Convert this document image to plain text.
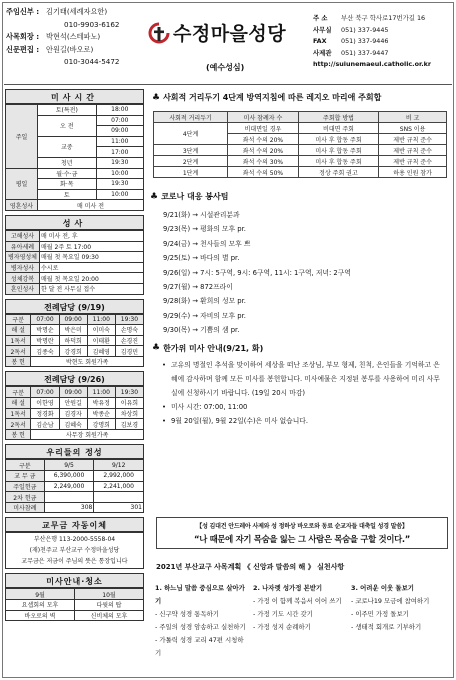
주임신부 : 김기태(세례자요한)
010-9903-6162
사목회장 : 박현석(스테파노)
신문편집 : 안원길(바오로)
010-3044-5472
수정마을성당
(예수성심)
주 소	부산 북구 학사로17번가길 16
사무실	051) 337-9445
FAX	051) 337-9446
사제관	051) 337-9447
http://suiunemaeul.catholic.or.kr
미사시간
주일	토(특전)	18:00
	오 전	07:00
		09:00
	교중	11:00
		17:00
	청년	19:30
평일	월·수·금	10:00
	화·목	19:30
	토	10:00
영혼성사	매 미사 전	
성사
고해성사	매 미사 전, 후
유아세례	매월 2주 토 17:00
병자영성체	매월 첫 목요일 09:30
병자성사	수시로
성체강복	매월 첫 목요일 20:00
혼인성사	한 달 전 사무실 접수
전례담당 (9/19)
구분	07:00	09:00	11:00	19:30
해 설	박명순	박은미	이미숙	손명숙
1독서	박명란	하덕희	이태환	손경진
2독서	김종숙	강경희	김혜영	김경민
봉 헌	박현도 회원가족			
전례담당 (9/26)
구분	07:00	09:00	11:00	19:30
해 설	이한영	안원길	박유정	이유희
1독서	정경화	김경자	박종순	차상희
2독서	김순남	김혜숙	강명희	김보경
봉 헌	사무장 회원가족			
우리들의 정성
구분	9/5	9/12
교 무 금	6,390,000	2,992,000
주일헌금	2,249,000	2,241,000
2차 헌금		
미사참례	308	301
교무금 자동이체
부산은행 113-2000-5558-04
(재)천주교 부산교구 수정마을성당
교무금은 저금이 주님의 뜻은 통장입니다
미사안내·청소
9월	10월
요셉회의 모후	다윗의 탑
바오로의 벽	신비체의 모후
♣ 사회적 거리두기 4단계 방역지침에 따른 레지오 마리애 주회합
사회적 거리두기	미사 참례자 수	주회합 방법	비 고
4단계	비대면일 경우	비대면 주회	SNS 이용
	좌석 수의 20%	미사 후 합동 주회	제반 규칙 준수
3단계	좌석 수의 20%	미사 후 합동 주회	제반 규칙 준수
2단계	좌석 수의 30%	미사 후 합동 주회	제반 규칙 준수
1단계	좌석 수의 50%	정상 주회 권고	하용 인원 참가
♣ 코로나 대응 봉사팀
9/21(화) → 시설관리분과
9/23(목) → 평화의 모후 pr.
9/24(금) → 천사들의 모후 쁘
9/25(토) → 바다의 별 pr.
9/26(일) → 7시: 5구역, 9시: 6구역, 11시: 1구역, 저녁: 2구역
9/27(월) → 872프라이
9/28(화) → 환희의 성모 pr.
9/29(수) → 자비의 모후 pr.
9/30(목) → 기쁨의 샘 pr.
♣ 한가위 미사 안내(9/21, 화)
• 고유의 명절인 추석을 맞이하여 세상을 떠난 조상님, 부모 형제, 친척, 은인들을 기억하고 은혜에 감사하며 함께 모든 미사를 봉헌합니다. 미사예물은 지정된 봉투를 사용하여 미리 사무실에 신청하시기 바랍니다. (19일 20시 마감)
• 미사 시간: 07:00, 11:00
• 9월 20일(월), 9월 22일(수)은 미사 없습니다.
【성 김대건 안드레아 사제와 성 정하상 바오로와 동료 순교자들 대축일 성경 말씀】
“나 때문에 자기 목숨을 잃는 그 사람은 목숨을 구할 것이다.”
2021년 부산교구 사목계획 《 신앙과 말씀의 해 》 실천사항
1. 하느님 말씀 중심으로 살아가기
- 신구약 성경 통독하기
- 주일의 성경 암송하고 실천하기
- 가톨릭 성경 교리 47편 시청하기
2. 나자렛 성가정 본받기
- 가정 이 함께 복음서 이어 쓰기
- 가정 기도 시간 갖기
- 가정 성지 순례하기
3. 어려운 이웃 돌보기
- 코로나19 모금에 참여하기
- 이주민 가정 돌보기
- 생태적 회개로 기부하기
